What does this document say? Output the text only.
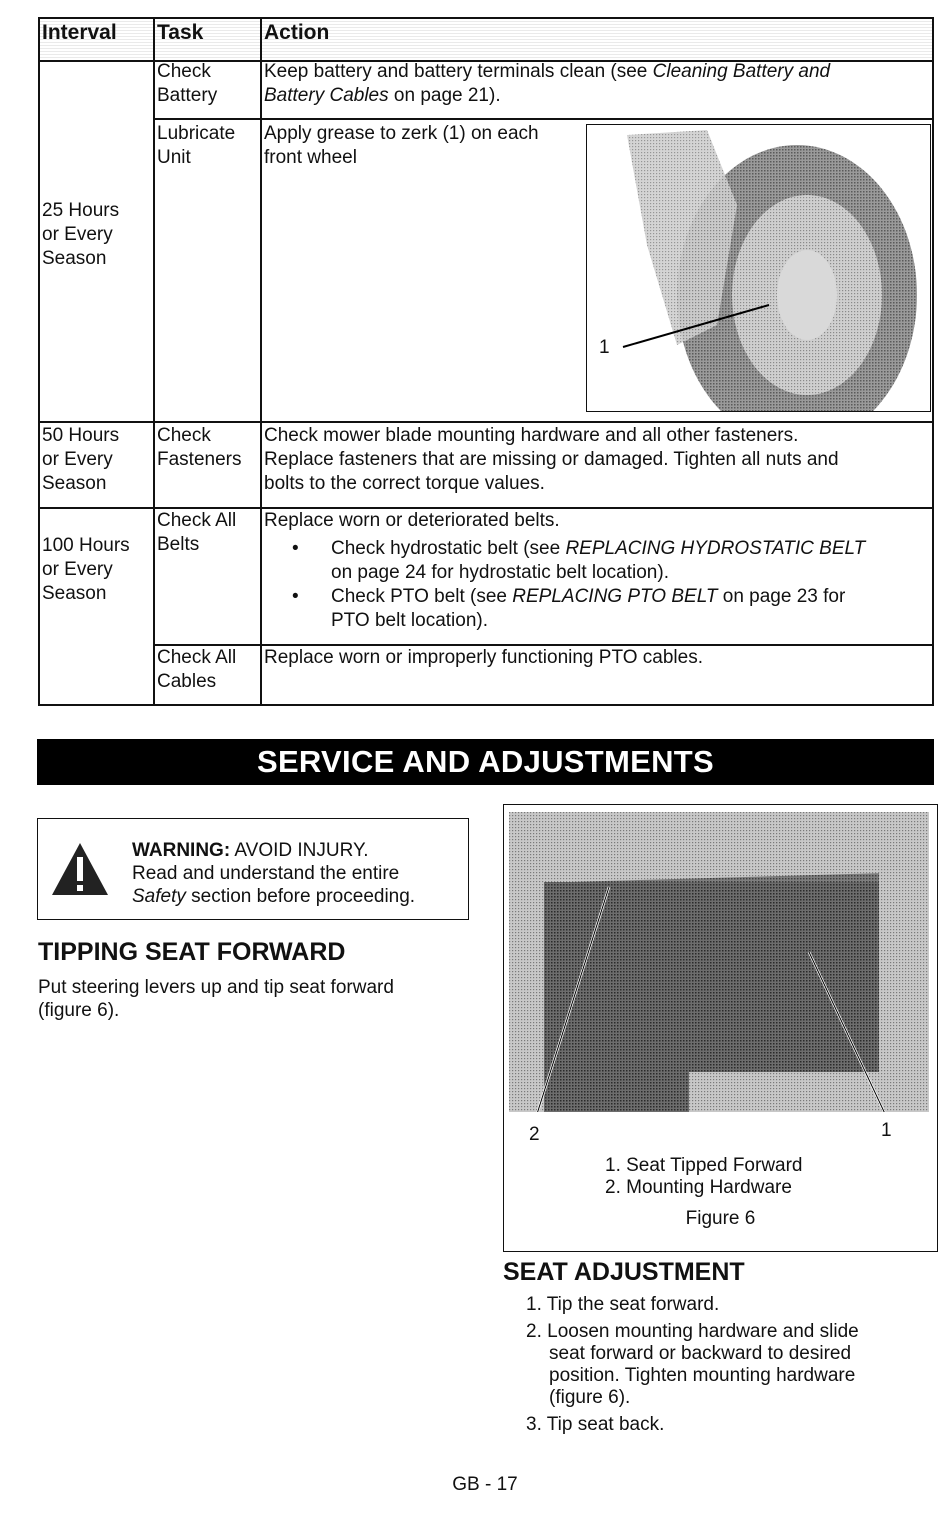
Interval Task	Action
25 Hours
or Every
Season
Check
Battery
Keep battery and battery terminals clean (see Cleaning Battery and
Battery Cables on page 21).
Lubricate
Unit
Apply grease to zerk (1) on each
front wheel
1
50 Hours
or Every
Season
Check
Fasteners
Check mower blade mounting hardware and all other fasteners.
Replace fasteners that are missing or damaged. Tighten all nuts and
bolts to the correct torque values.
100 Hours
or Every
Season
Check All
Belts
Replace worn or deteriorated belts.
• Check hydrostatic belt (see REPLACING HYDROSTATIC BELT
on page 24 for hydrostatic belt location).
• Check PTO belt (see REPLACING PTO BELT on page 23 for
PTO belt location).
Check All
Cables
Replace worn or improperly functioning PTO cables.
SERVICE AND ADJUSTMENTS
WARNING: AVOID INJURY.
Read and understand the entire
Safety section before proceeding.
TIPPING SEAT FORWARD
Put steering levers up and tip seat forward
(figure 6).
2	1
1. Seat Tipped Forward
2. Mounting Hardware
Figure 6
SEAT ADJUSTMENT
1. Tip the seat forward.
2. Loosen mounting hardware and slide
seat forward or backward to desired
position. Tighten mounting hardware
(figure 6).
3. Tip seat back.
GB - 17
